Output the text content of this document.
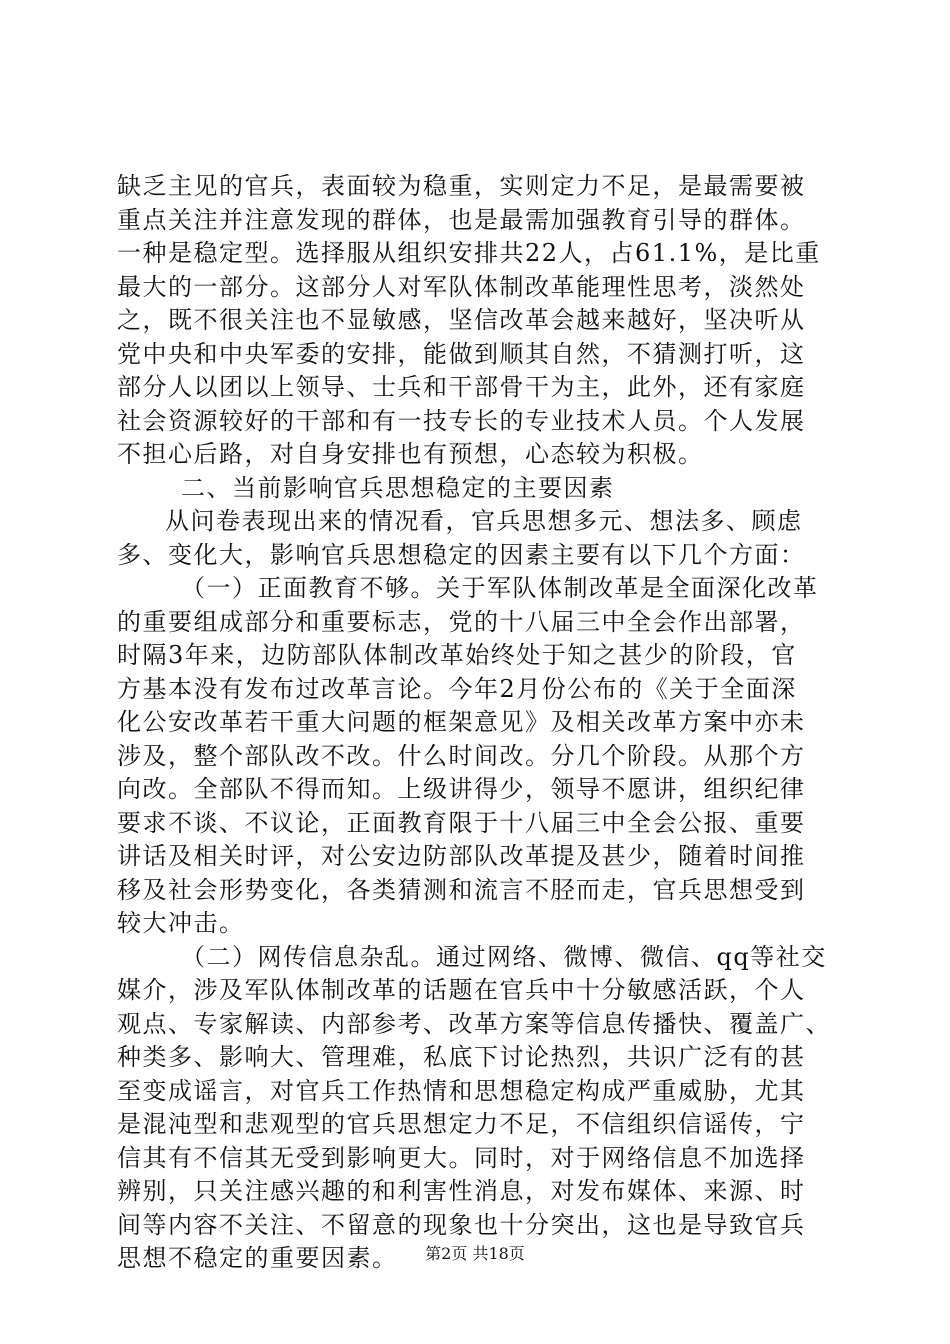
缺乏主见的官兵，表面较为稳重，实则定力不足，是最需要被
重点关注并注意发现的群体，也是最需加强教育引导的群体。
一种是稳定型。选择服从组织安排共22人，占61.1%，是比重
最大的一部分。这部分人对军队体制改革能理性思考，淡然处
之，既不很关注也不显敏感，坚信改革会越来越好，坚决听从
党中央和中央军委的安排，能做到顺其自然，不猜测打听，这
部分人以团以上领导、士兵和干部骨干为主，此外，还有家庭
社会资源较好的干部和有一技专长的专业技术人员。个人发展
不担心后路，对自身安排也有预想，心态较为积极。
二、当前影响官兵思想稳定的主要因素
从问卷表现出来的情况看，官兵思想多元、想法多、顾虑
多、变化大，影响官兵思想稳定的因素主要有以下几个方面：
（一）正面教育不够。关于军队体制改革是全面深化改革
的重要组成部分和重要标志，党的十八届三中全会作出部署，
时隔3年来，边防部队体制改革始终处于知之甚少的阶段，官
方基本没有发布过改革言论。今年2月份公布的《关于全面深
化公安改革若干重大问题的框架意见》及相关改革方案中亦未
涉及，整个部队改不改。什么时间改。分几个阶段。从那个方
向改。全部队不得而知。上级讲得少，领导不愿讲，组织纪律
要求不谈、不议论，正面教育限于十八届三中全会公报、重要
讲话及相关时评，对公安边防部队改革提及甚少，随着时间推
移及社会形势变化，各类猜测和流言不胫而走，官兵思想受到
较大冲击。
（二）网传信息杂乱。通过网络、微博、微信、qq等社交
媒介，涉及军队体制改革的话题在官兵中十分敏感活跃，个人
观点、专家解读、内部参考、改革方案等信息传播快、覆盖广、
种类多、影响大、管理难，私底下讨论热烈，共识广泛有的甚
至变成谣言，对官兵工作热情和思想稳定构成严重威胁，尤其
是混沌型和悲观型的官兵思想定力不足，不信组织信谣传，宁
信其有不信其无受到影响更大。同时，对于网络信息不加选择
辨别，只关注感兴趣的和利害性消息，对发布媒体、来源、时
间等内容不关注、不留意的现象也十分突出，这也是导致官兵
思想不稳定的重要因素。	第2页 共18页
